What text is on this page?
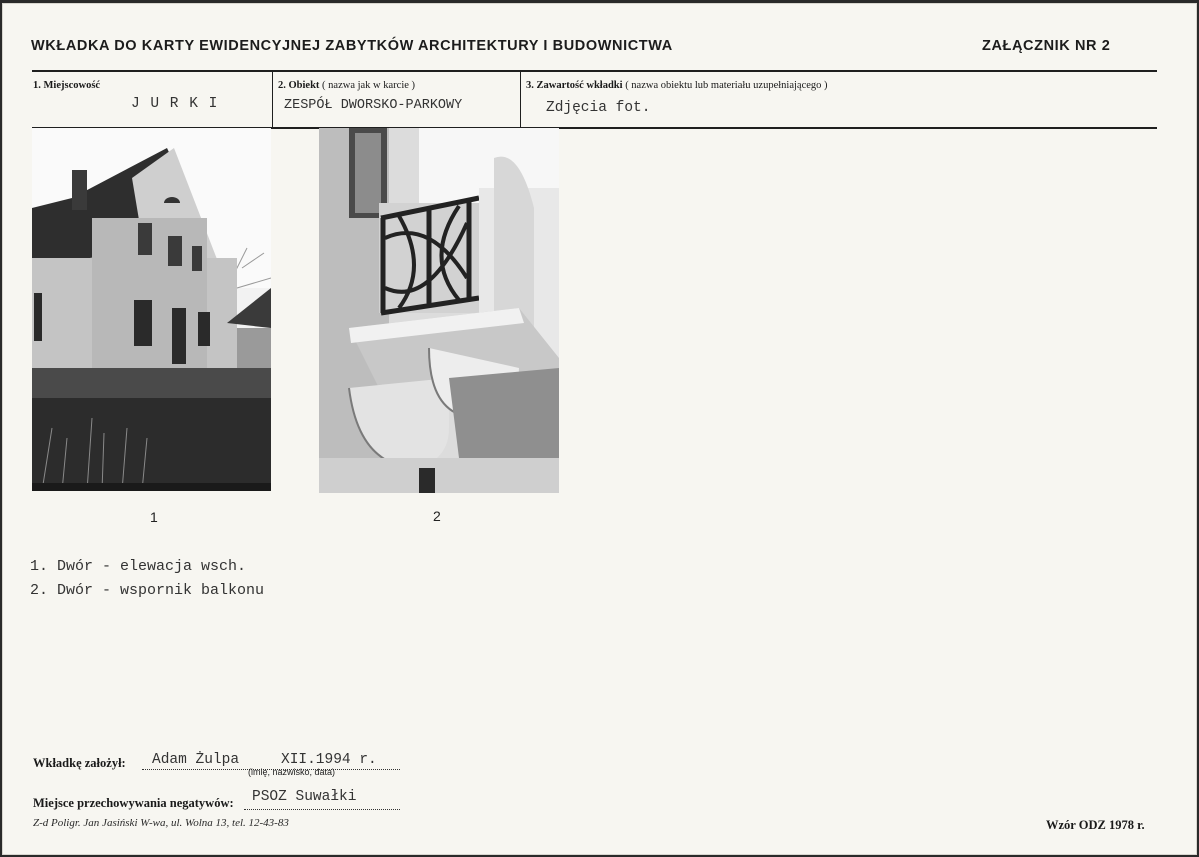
WKŁADKA DO KARTY EWIDENCYJNEJ ZABYTKÓW ARCHITEKTURY I BUDOWNICTWA	ZAŁĄCZNIK NR 2
1. Miejscowość
J U R K I
2. Obiekt ( nazwa jak w karcie )
ZESPÓŁ DWORSKO-PARKOWY
3. Zawartość wkładki ( nazwa obiektu lub materiału uzupełniającego )
Zdjęcia fot.
1	2
1. Dwór - elewacja wsch.
2. Dwór - wspornik balkonu
Wkładkę założył: Adam Żulpa	XII.1994 r.
(imię, nazwisko, data)
Miejsce przechowywania negatywów: PSOZ Suwałki
Z-d Poligr. Jan Jasiński W-wa, ul. Wolna 13, tel. 12-43-83	Wzór ODZ 1978 r.
